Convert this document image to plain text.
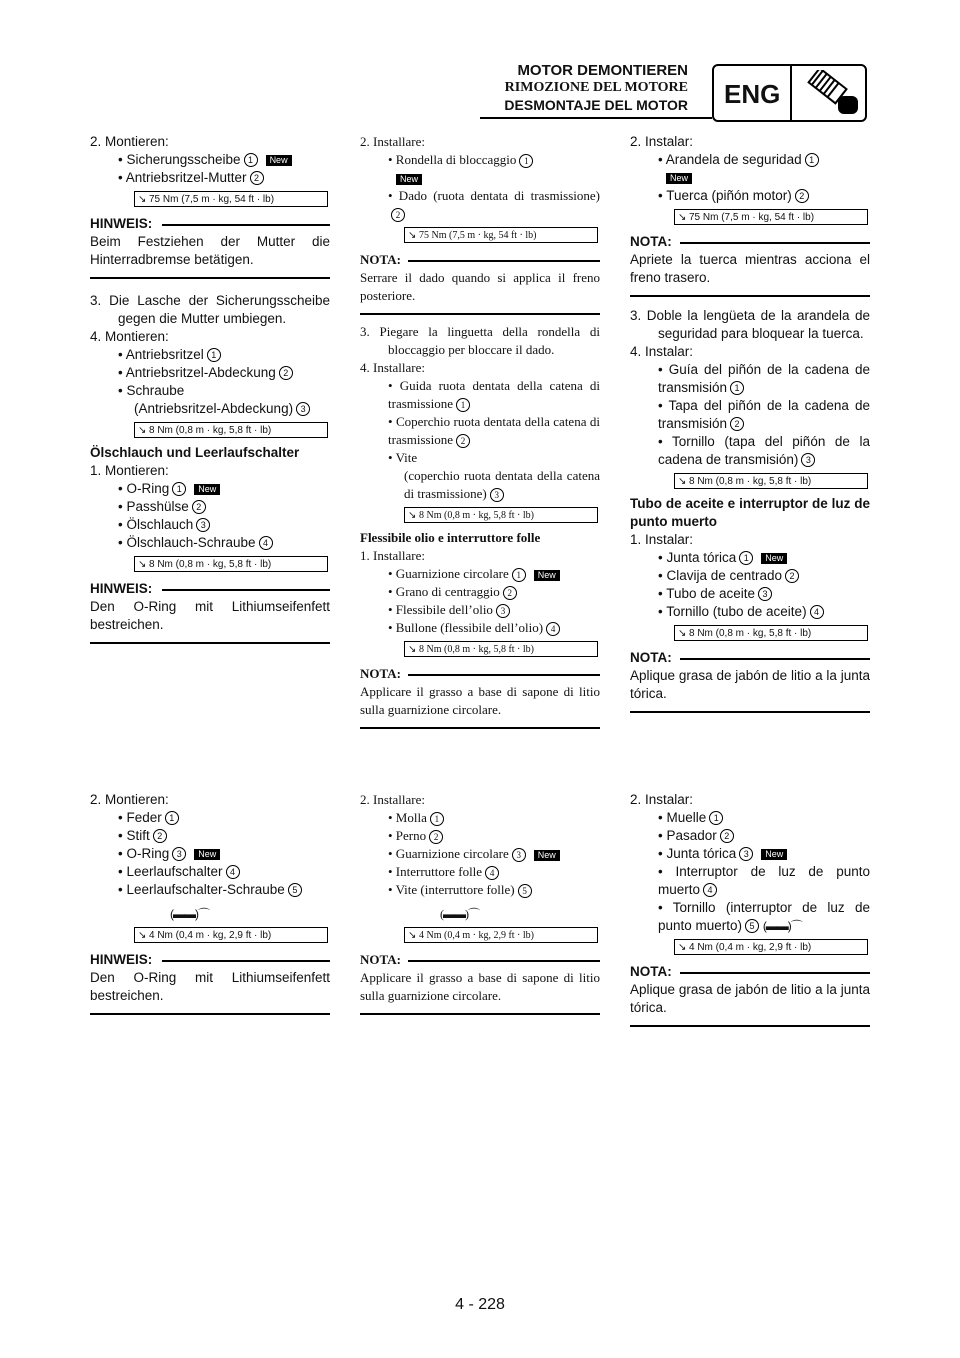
MOTOR DEMONTIEREN
RIMOZIONE DEL MOTORE
DESMONTAJE DEL MOTOR ENG
2. Montieren:
• Sicherungsscheibe 1 New
• Antriebsritzel-Mutter 2
↘ 75 Nm (7,5 m · kg, 54 ft · lb)
HINWEIS:
Beim Festziehen der Mutter die Hinterradbremse betätigen.
3. Die Lasche der Sicherungsscheibe gegen die Mutter umbiegen.
4. Montieren:
• Antriebsritzel 1
• Antriebsritzel-Abdeckung 2
• Schraube
(Antriebsritzel-Abdeckung) 3
↘ 8 Nm (0,8 m · kg, 5,8 ft · lb)
Ölschlauch und Leerlaufschalter
1. Montieren:
• O-Ring 1 New
• Passhülse 2
• Ölschlauch 3
• Ölschlauch-Schraube 4
↘ 8 Nm (0,8 m · kg, 5,8 ft · lb)
HINWEIS:
Den O-Ring mit Lithiumseifenfett bestreichen.
2. Montieren:
• Feder 1
• Stift 2
• O-Ring 3 New
• Leerlaufschalter 4
• Leerlaufschalter-Schraube 5
(▬▬)⌒
↘ 4 Nm (0,4 m · kg, 2,9 ft · lb)
HINWEIS:
Den O-Ring mit Lithiumseifenfett bestreichen.
2. Installare:
• Rondella di bloccaggio 1
New
• Dado (ruota dentata di trasmissione)2
↘ 75 Nm (7,5 m · kg, 54 ft · lb)
NOTA:
Serrare il dado quando si applica il freno posteriore.
3. Piegare la linguetta della rondella di bloccaggio per bloccare il dado.
4. Installare:
• Guida ruota dentata della catena di trasmissione 1
• Coperchio ruota dentata della catena di trasmissione 2
• Vite
(coperchio ruota dentata della catena di trasmissione) 3
↘ 8 Nm (0,8 m · kg, 5,8 ft · lb)
Flessibile olio e interruttore folle
1. Installare:
• Guarnizione circolare 1 New
• Grano di centraggio 2
• Flessibile dell’olio 3
• Bullone (flessibile dell’olio) 4
↘ 8 Nm (0,8 m · kg, 5,8 ft · lb)
NOTA:
Applicare il grasso a base di sapone di litio sulla guarnizione circolare.
2. Installare:
• Molla 1
• Perno 2
• Guarnizione circolare 3 New
• Interruttore folle 4
• Vite (interruttore folle) 5
(▬▬)⌒
↘ 4 Nm (0,4 m · kg, 2,9 ft · lb)
NOTA:
Applicare il grasso a base di sapone di litio sulla guarnizione circolare.
2. Instalar:
• Arandela de seguridad 1
New
• Tuerca (piñón motor) 2
↘ 75 Nm (7,5 m · kg, 54 ft · lb)
NOTA:
Apriete la tuerca mientras acciona el freno trasero.
3. Doble la lengüeta de la arandela de seguridad para bloquear la tuerca.
4. Instalar:
• Guía del piñón de la cadena de transmisión 1
• Tapa del piñón de la cadena de transmisión 2
• Tornillo (tapa del piñón de la cadena de transmisión) 3
↘ 8 Nm (0,8 m · kg, 5,8 ft · lb)
Tubo de aceite e interruptor de luz de punto muerto
1. Instalar:
• Junta tórica 1 New
• Clavija de centrado 2
• Tubo de aceite 3
• Tornillo (tubo de aceite) 4
↘ 8 Nm (0,8 m · kg, 5,8 ft · lb)
NOTA:
Aplique grasa de jabón de litio a la junta tórica.
2. Instalar:
• Muelle 1
• Pasador 2
• Junta tórica 3 New
• Interruptor de luz de punto muerto 4
• Tornillo (interruptor de luz de punto muerto) 5 (▬▬)⌒
↘ 4 Nm (0,4 m · kg, 2,9 ft · lb)
NOTA:
Aplique grasa de jabón de litio a la junta tórica.
4 - 228
